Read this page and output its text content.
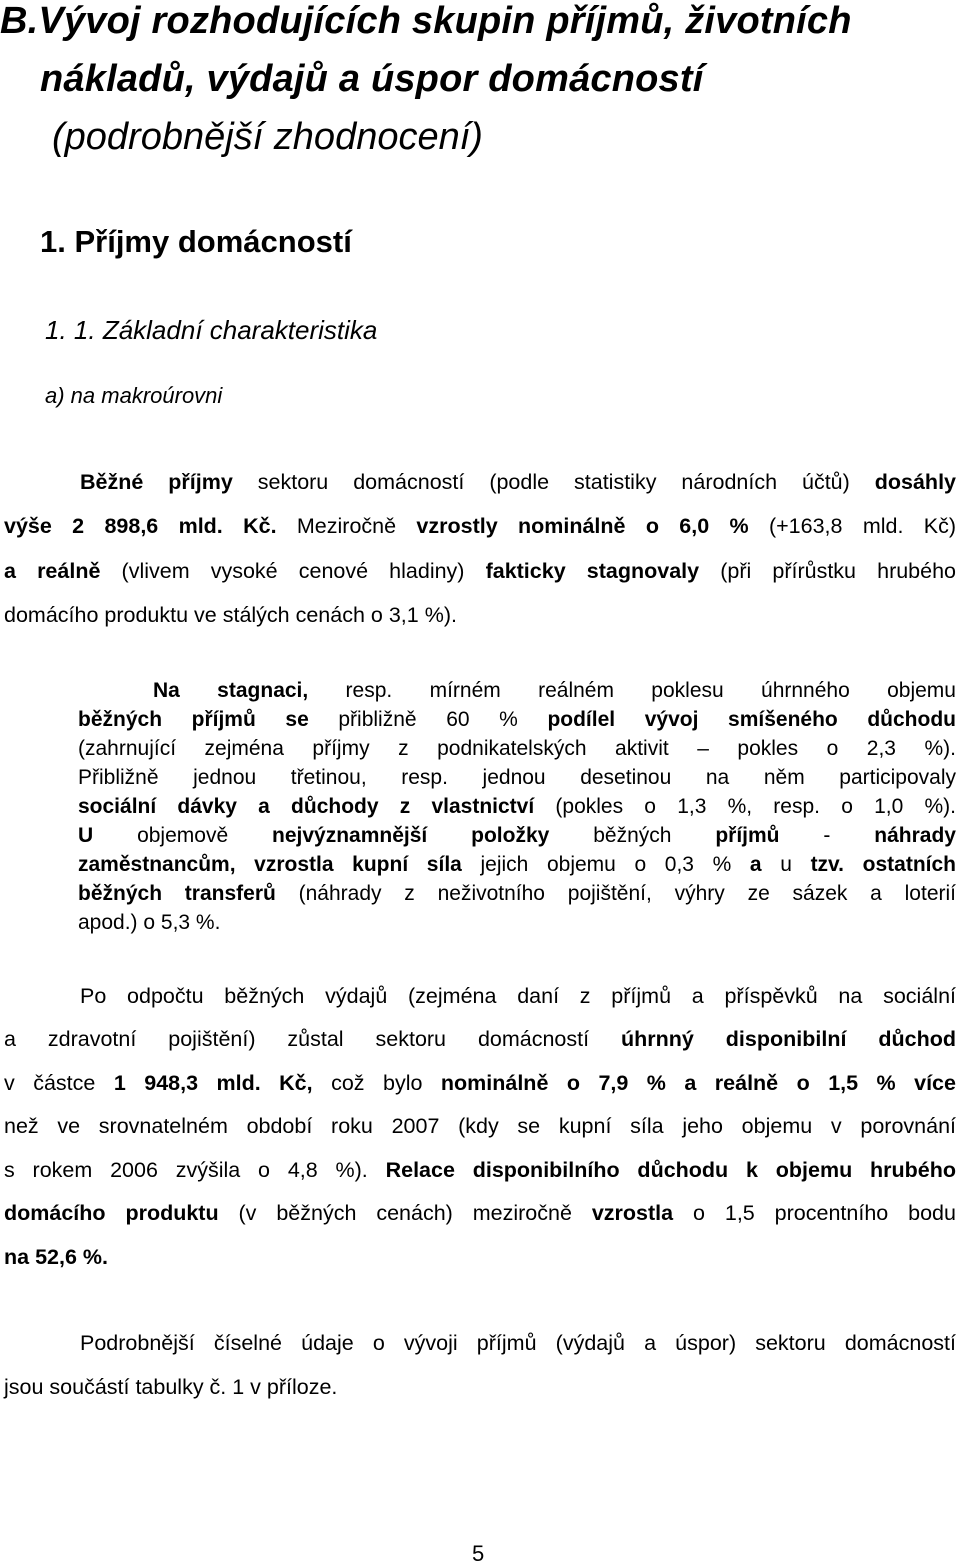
B.Vývoj rozhodujících skupin příjmů, životních
nákladů, výdajů a úspor domácností
(podrobnější zhodnocení)
1. Příjmy domácností
1. 1. Základní charakteristika
a) na makroúrovni
Běžné příjmy sektoru domácností (podle statistiky národních účtů) dosáhly
výše 2 898,6 mld. Kč. Meziročně vzrostly nominálně o 6,0 % (+163,8 mld. Kč)
a reálně (vlivem vysoké cenové hladiny) fakticky stagnovaly (při přírůstku hrubého
domácího produktu ve stálých cenách o 3,1 %).
Na stagnaci, resp. mírném reálném poklesu úhrnného objemu
běžných příjmů se přibližně 60 % podílel vývoj smíšeného důchodu
(zahrnující zejména příjmy z podnikatelských aktivit – pokles o 2,3 %).
Přibližně jednou třetinou, resp. jednou desetinou na něm participovaly
sociální dávky a důchody z vlastnictví (pokles o 1,3 %, resp. o 1,0 %).
U objemově nejvýznamnější položky běžných příjmů - náhrady
zaměstnancům, vzrostla kupní síla jejich objemu o 0,3 % a u tzv. ostatních
běžných transferů (náhrady z neživotního pojištění, výhry ze sázek a loterií
apod.) o 5,3 %.
Po odpočtu běžných výdajů (zejména daní z příjmů a příspěvků na sociální
a zdravotní pojištění) zůstal sektoru domácností úhrnný disponibilní důchod
v částce 1 948,3 mld. Kč, což bylo nominálně o 7,9 % a reálně o 1,5 % více
než ve srovnatelném období roku 2007 (kdy se kupní síla jeho objemu v porovnání
s rokem 2006 zvýšila o 4,8 %). Relace disponibilního důchodu k objemu hrubého
domácího produktu (v běžných cenách) meziročně vzrostla o 1,5 procentního bodu
na 52,6 %.
Podrobnější číselné údaje o vývoji příjmů (výdajů a úspor) sektoru domácností
jsou součástí tabulky č. 1 v příloze.
5
